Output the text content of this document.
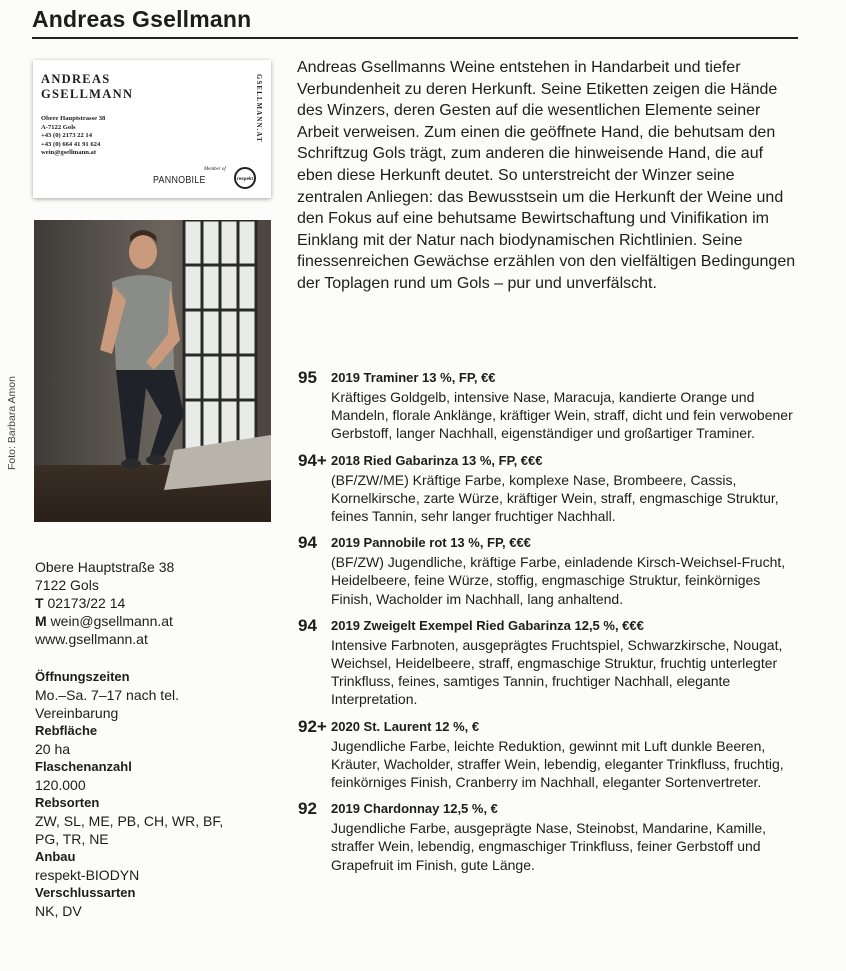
Andreas Gsellmann
ANDREAS
GSELLMANN
Obere Hauptstrasse 38
A-7122 Gols
+43 (0) 2173 22 14
+43 (0) 664 41 91 624
wein@gsellmann.at
GSELLMANN.AT
Member of
PANNOBILE	respekt
Foto: Barbara Amon
Obere Hauptstraße 38
7122 Gols
T 02173/22 14
M wein@gsellmann.at
www.gsellmann.at
Öffnungszeiten
Mo.–Sa. 7–17 nach tel. Vereinbarung
Rebfläche
20 ha
Flaschenanzahl
120.000
Rebsorten
ZW, SL, ME, PB, CH, WR, BF, PG, TR, NE
Anbau
respekt-BIODYN
Verschlussarten
NK, DV
Andreas Gsellmanns Weine entstehen in Handarbeit und tiefer Verbundenheit zu deren Herkunft. Seine Etiketten zeigen die Hände des Winzers, deren Gesten auf die wesentlichen Elemente seiner Arbeit verweisen. Zum einen die geöffnete Hand, die behutsam den Schriftzug Gols trägt, zum anderen die hinweisende Hand, die auf eben diese Herkunft deutet. So unterstreicht der Winzer seine zentralen Anliegen: das Bewusstsein um die Herkunft der Weine und den Fokus auf eine behutsame Bewirtschaftung und Vinifikation im Einklang mit der Natur nach biodynamischen Richtlinien. Seine finessenreichen Gewächse erzählen von den vielfältigen Bedingungen der Toplagen rund um Gols – pur und unverfälscht.
95 2019 Traminer 13 %, FP, €€
Kräftiges Goldgelb, intensive Nase, Maracuja, kandierte Orange und Mandeln, florale Anklänge, kräftiger Wein, straff, dicht und fein verwobener Gerbstoff, langer Nachhall, eigenständiger und großartiger Traminer.
94+ 2018 Ried Gabarinza 13 %, FP, €€€
(BF/ZW/ME) Kräftige Farbe, komplexe Nase, Brombeere, Cassis, Kornelkirsche, zarte Würze, kräftiger Wein, straff, engmaschige Struktur, feines Tannin, sehr langer fruchtiger Nachhall.
94 2019 Pannobile rot 13 %, FP, €€€
(BF/ZW) Jugendliche, kräftige Farbe, einladende Kirsch-Weichsel-Frucht, Heidelbeere, feine Würze, stoffig, engmaschige Struktur, feinkörniges Finish, Wacholder im Nachhall, lang anhaltend.
94 2019 Zweigelt Exempel Ried Gabarinza 12,5 %, €€€
Intensive Farbnoten, ausgeprägtes Fruchtspiel, Schwarzkirsche, Nougat, Weichsel, Heidelbeere, straff, engmaschige Struktur, fruchtig unterlegter Trinkfluss, feines, samtiges Tannin, fruchtiger Nachhall, elegante Interpretation.
92+ 2020 St. Laurent 12 %, €
Jugendliche Farbe, leichte Reduktion, gewinnt mit Luft dunkle Beeren, Kräuter, Wacholder, straffer Wein, lebendig, eleganter Trinkfluss, fruchtig, feinkörniges Finish, Cranberry im Nachhall, eleganter Sortenvertreter.
92 2019 Chardonnay 12,5 %, €
Jugendliche Farbe, ausgeprägte Nase, Steinobst, Mandarine, Kamille, straffer Wein, lebendig, engmaschiger Trinkfluss, feiner Gerbstoff und Grapefruit im Finish, gute Länge.
